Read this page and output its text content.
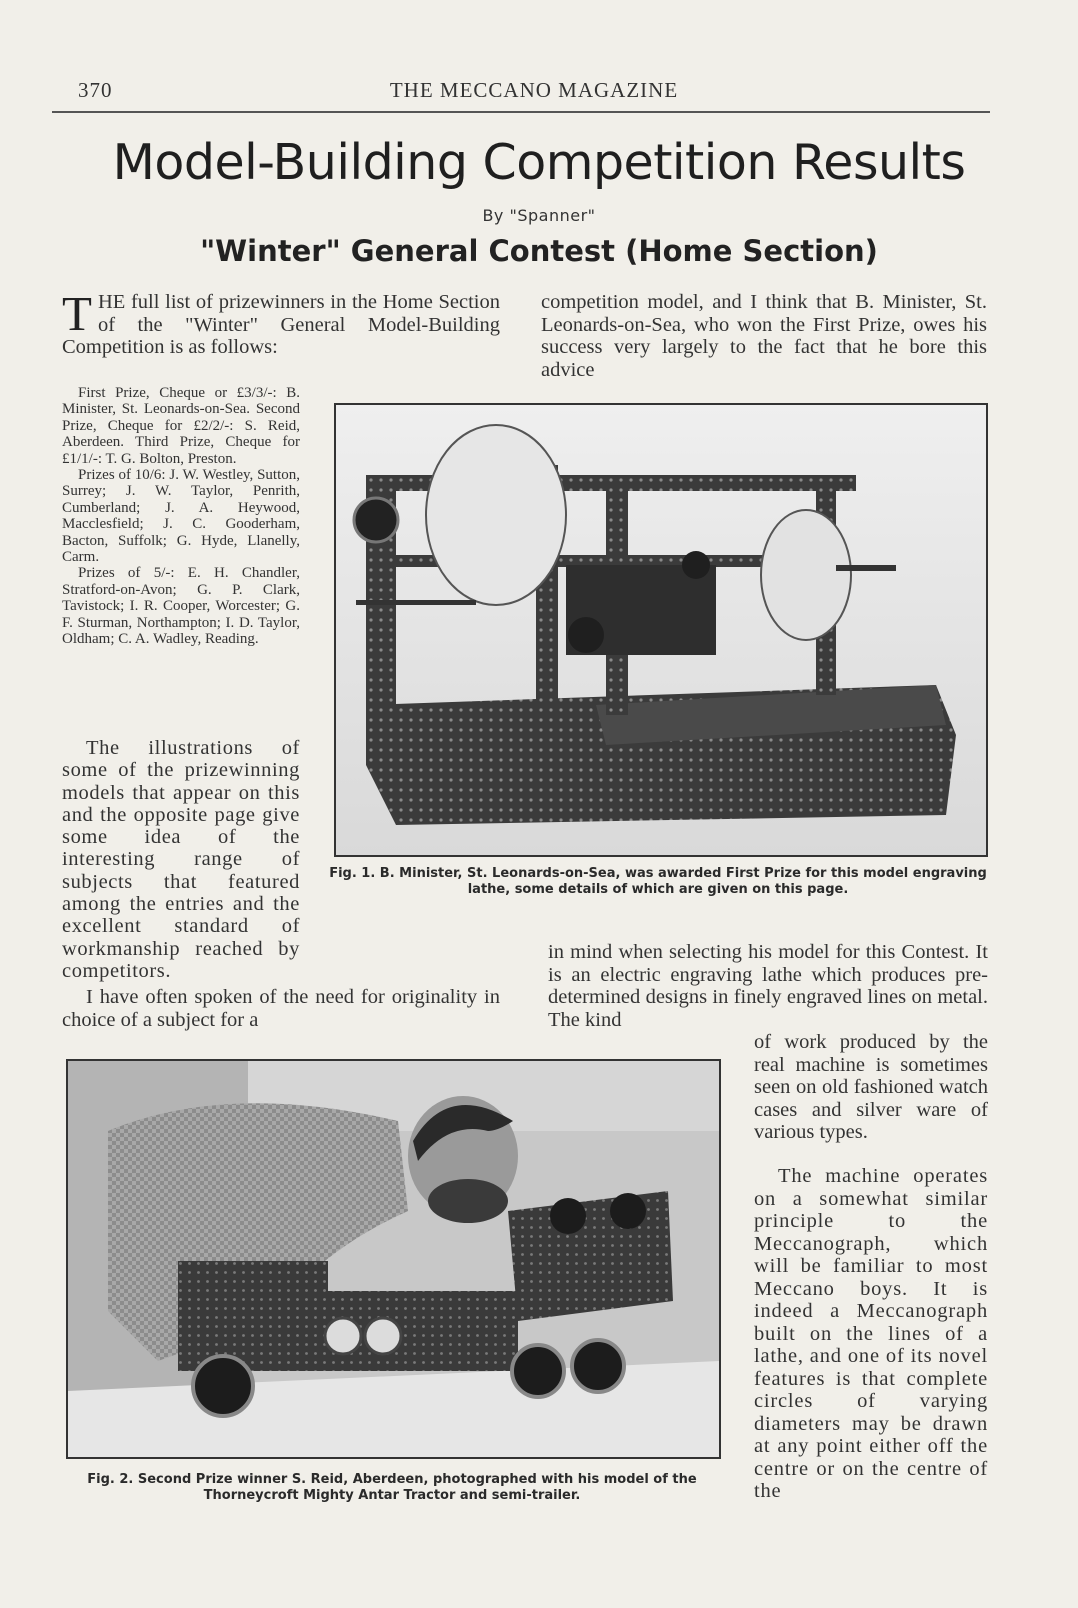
370	THE MECCANO MAGAZINE
Model-Building Competition Results
By "Spanner"
"Winter" General Contest (Home Section)

THE full list of prizewinners in the Home Section of the "Winter" General Model-Building Competition is as follows:

First Prize, Cheque or £3/3/-: B. Minister, St. Leonards-on-Sea. Second Prize, Cheque for £2/2/-: S. Reid, Aberdeen. Third Prize, Cheque for £1/1/-: T. G. Bolton, Preston.

Prizes of 10/6: J. W. Westley, Sutton, Surrey; J. W. Taylor, Penrith, Cumberland; J. A. Heywood, Macclesfield; J. C. Gooderham, Bacton, Suffolk; G. Hyde, Llanelly, Carm.

Prizes of 5/-: E. H. Chandler, Stratford-on-Avon; G. P. Clark, Tavistock; I. R. Cooper, Worcester; G. F. Sturman, Northampton; I. D. Taylor, Oldham; C. A. Wadley, Reading.

The illustrations of some of the prizewinning models that appear on this and the opposite page give some idea of the interesting range of subjects that featured among the entries and the excellent standard of workmanship reached by competitors.

I have often spoken of the need for originality in choice of a subject for a

competition model, and I think that B. Minister, St. Leonards-on-Sea, who won the First Prize, owes his success very largely to the fact that he bore this advice

in mind when selecting his model for this Contest. It is an electric engraving lathe which produces pre-determined designs in finely engraved lines on metal. The kind

of work produced by the real machine is sometimes seen on old fashioned watch cases and silver ware of various types.

The machine operates on a somewhat similar principle to the Meccanograph, which will be familiar to most Meccano boys. It is indeed a Meccanograph built on the lines of a lathe, and one of its novel features is that complete circles of varying diameters may be drawn at any point either off the centre or on the centre of the

Fig. 1. B. Minister, St. Leonards-on-Sea, was awarded First Prize for this model engraving lathe, some details of which are given on this page.
Fig. 2. Second Prize winner S. Reid, Aberdeen, photographed with his model of the Thorneycroft Mighty Antar Tractor and semi-trailer.
